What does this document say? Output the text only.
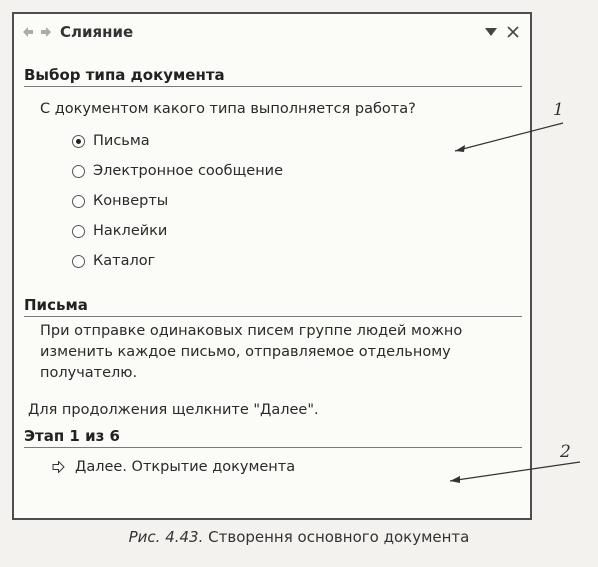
Слияние
Выбор типа документа
С документом какого типа выполняется работа?
Письма
Электронное сообщение
Конверты
Наклейки
Каталог
Письма
При отправке одинаковых писем группе людей можно
изменить каждое письмо, отправляемое отдельному
получателю.
Для продолжения щелкните "Далее".
Этап 1 из 6
Далее. Открытие документа
1
2
Рис. 4.43. Створення основного документа
